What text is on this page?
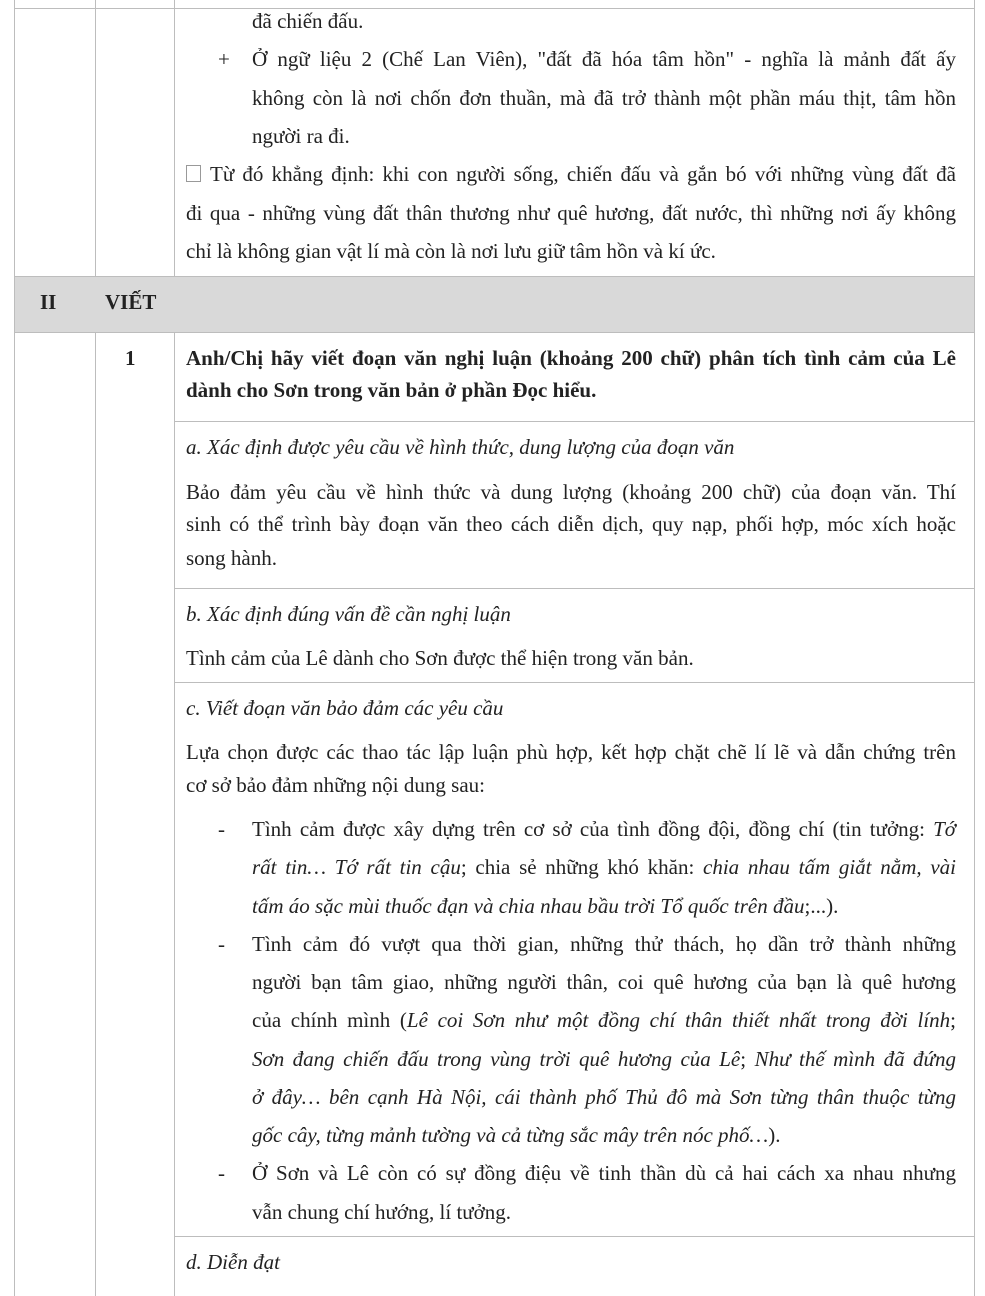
đã chiến đấu.
+ Ở ngữ liệu 2 (Chế Lan Viên), "đất đã hóa tâm hồn" - nghĩa là mảnh đất ấy
không còn là nơi chốn đơn thuần, mà đã trở thành một phần máu thịt, tâm hồn
người ra đi.
Từ đó khẳng định: khi con người sống, chiến đấu và gắn bó với những vùng đất đã
đi qua - những vùng đất thân thương như quê hương, đất nước, thì những nơi ấy không
chỉ là không gian vật lí mà còn là nơi lưu giữ tâm hồn và kí ức.
II VIẾT
1 Anh/Chị hãy viết đoạn văn nghị luận (khoảng 200 chữ) phân tích tình cảm của Lê
dành cho Sơn trong văn bản ở phần Đọc hiểu.
a. Xác định được yêu cầu về hình thức, dung lượng của đoạn văn
Bảo đảm yêu cầu về hình thức và dung lượng (khoảng 200 chữ) của đoạn văn. Thí
sinh có thể trình bày đoạn văn theo cách diễn dịch, quy nạp, phối hợp, móc xích hoặc
song hành.
b. Xác định đúng vấn đề cần nghị luận
Tình cảm của Lê dành cho Sơn được thể hiện trong văn bản.
c. Viết đoạn văn bảo đảm các yêu cầu
Lựa chọn được các thao tác lập luận phù hợp, kết hợp chặt chẽ lí lẽ và dẫn chứng trên
cơ sở bảo đảm những nội dung sau:
- Tình cảm được xây dựng trên cơ sở của tình đồng đội, đồng chí (tin tưởng: Tớ
rất tin… Tớ rất tin cậu; chia sẻ những khó khăn: chia nhau tấm giắt nằm, vài
tấm áo sặc mùi thuốc đạn và chia nhau bầu trời Tổ quốc trên đầu;...).
- Tình cảm đó vượt qua thời gian, những thử thách, họ dần trở thành những
người bạn tâm giao, những người thân, coi quê hương của bạn là quê hương
của chính mình (Lê coi Sơn như một đồng chí thân thiết nhất trong đời lính;
Sơn đang chiến đấu trong vùng trời quê hương của Lê; Như thế mình đã đứng
ở đây… bên cạnh Hà Nội, cái thành phố Thủ đô mà Sơn từng thân thuộc từng
gốc cây, từng mảnh tường và cả từng sắc mây trên nóc phố…).
- Ở Sơn và Lê còn có sự đồng điệu về tinh thần dù cả hai cách xa nhau nhưng
vẫn chung chí hướng, lí tưởng.
d. Diễn đạt
